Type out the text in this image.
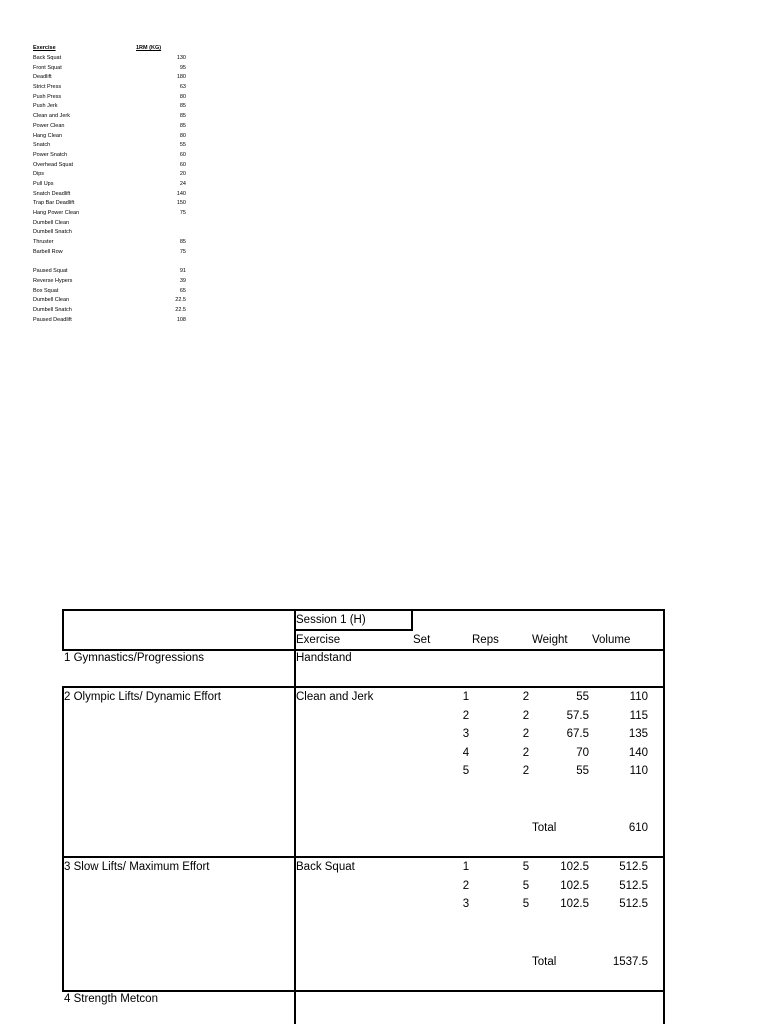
Exercise	1RM (KG)
Back Squat	130
Front Squat	95
Deadlift	180
Strict Press	63
Push Press	80
Push Jerk	85
Clean and Jerk	85
Power Clean	85
Hang Clean	80
Snatch	55
Power Snatch	60
Overhead Squat	60
Dips	20
Pull Ups	24
Snatch Deadlift	140
Trap Bar Deadlift	150
Hang Power Clean	75
Dumbell Clean
Dumbell Snatch
Thruster	85
Barbell Row	75
Paused Squat	91
Reverse Hypers	39
Box Squat	65
Dumbell Clean	22.5
Dumbell Snatch	22.5
Paused Deadlift	108
Session 1 (H)
Exercise	Set	Reps	Weight Volume
1 Gymnastics/Progressions	Handstand
2 Olympic Lifts/ Dynamic Effort	Clean and Jerk	1	2	55	110
2	2	57.5	115
3	2	67.5	135
4	2	70	140
5	2	55	110
Total	610
3 Slow Lifts/ Maximum Effort	Back Squat	1	5	102.5	512.5
2	5	102.5	512.5
3	5	102.5	512.5
Total	1537.5
4 Strength Metcon
